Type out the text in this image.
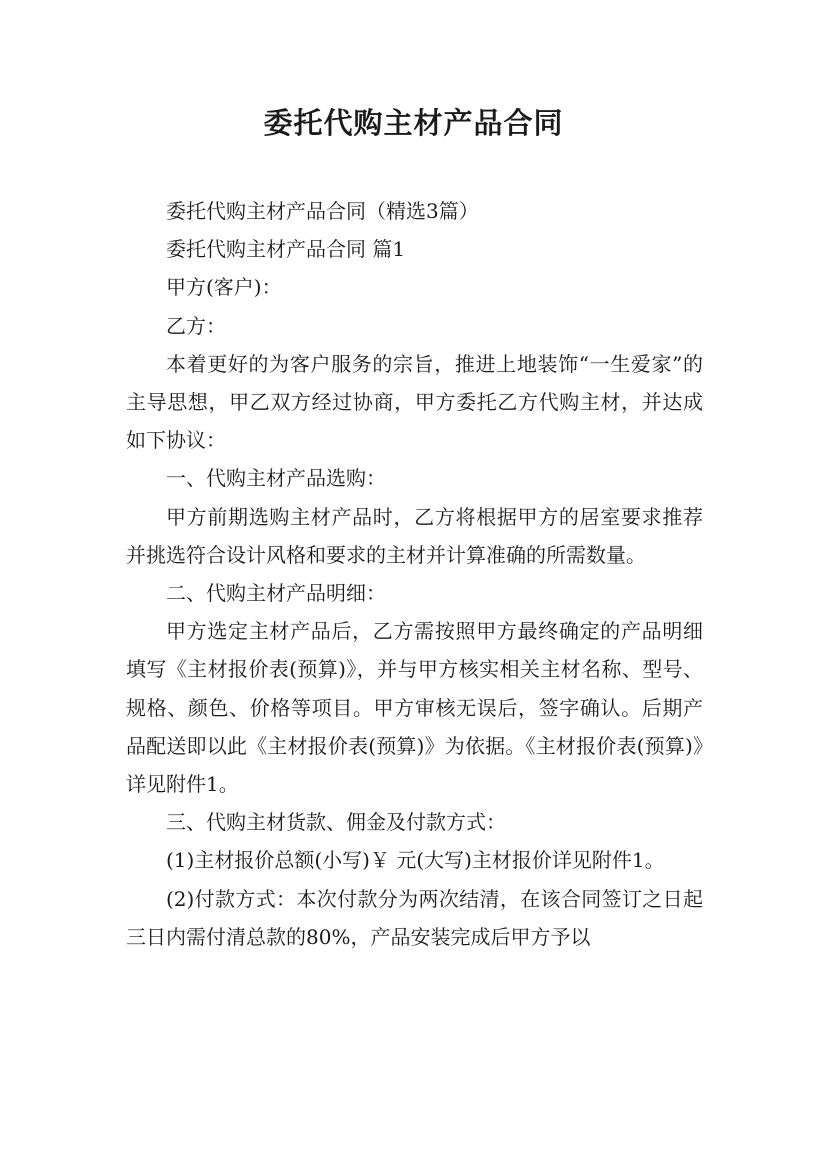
委托代购主材产品合同

委托代购主材产品合同（精选3篇）

委托代购主材产品合同 篇1

甲方(客户)：

乙方：

本着更好的为客户服务的宗旨，推进上地装饰“一生爱家”的主导思想，甲乙双方经过协商，甲方委托乙方代购主材，并达成如下协议：

一、代购主材产品选购：

甲方前期选购主材产品时，乙方将根据甲方的居室要求推荐并挑选符合设计风格和要求的主材并计算准确的所需数量。

二、代购主材产品明细：

甲方选定主材产品后，乙方需按照甲方最终确定的产品明细填写《主材报价表(预算)》，并与甲方核实相关主材名称、型号、规格、颜色、价格等项目。甲方审核无误后，签字确认。后期产品配送即以此《主材报价表(预算)》为依据。《主材报价表(预算)》详见附件1。

三、代购主材货款、佣金及付款方式：

(1)主材报价总额(小写)￥ 元(大写)主材报价详见附件1。

(2)付款方式：本次付款分为两次结清，在该合同签订之日起三日内需付清总款的80%，产品安装完成后甲方予以
